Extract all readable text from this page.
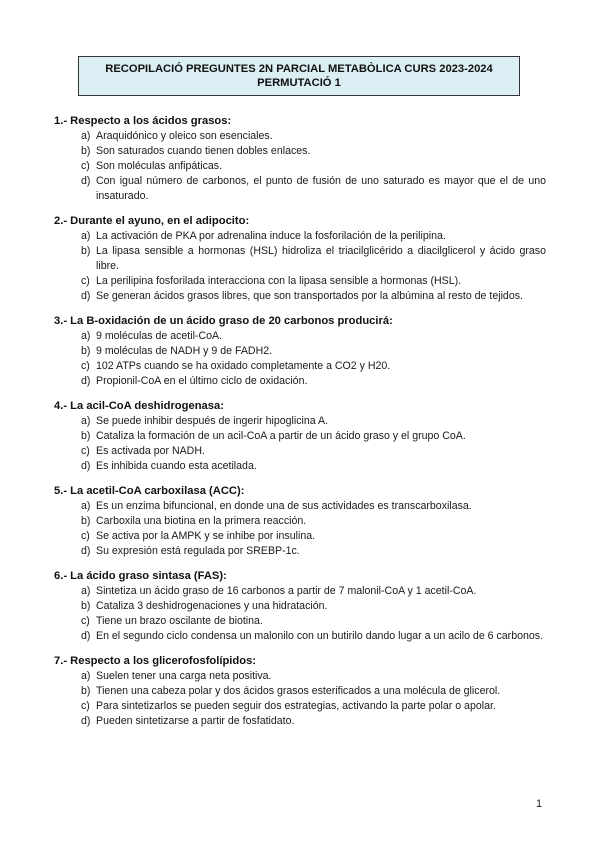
RECOPILACIÓ PREGUNTES 2N PARCIAL METABÒLICA CURS 2023-2024
PERMUTACIÓ 1
1.- Respecto a los ácidos grasos:
a) Araquidónico y oleico son esenciales.
b) Son saturados cuando tienen dobles enlaces.
c) Son moléculas anfipáticas.
d) Con igual número de carbonos, el punto de fusión de uno saturado es mayor que el de uno insaturado.
2.- Durante el ayuno, en el adipocito:
a) La activación de PKA por adrenalina induce la fosforilación de la perilipina.
b) La lipasa sensible a hormonas (HSL) hidroliza el triacilglicérido a diacilglicerol y ácido graso libre.
c) La perilipina fosforilada interacciona con la lipasa sensible a hormonas (HSL).
d) Se generan ácidos grasos libres, que son transportados por la albúmina al resto de tejidos.
3.- La B-oxidación de un ácido graso de 20 carbonos producirá:
a) 9 moléculas de acetil-CoA.
b) 9 moléculas de NADH y 9 de FADH2.
c) 102 ATPs cuando se ha oxidado completamente a CO2 y H20.
d) Propionil-CoA en el último ciclo de oxidación.
4.- La acil-CoA deshidrogenasa:
a) Se puede inhibir después de ingerir hipoglicina A.
b) Cataliza la formación de un acil-CoA a partir de un ácido graso y el grupo CoA.
c) Es activada por NADH.
d) Es inhibida cuando esta acetilada.
5.- La acetil-CoA carboxilasa (ACC):
a) Es un enzima bifuncional, en donde una de sus actividades es transcarboxilasa.
b) Carboxila una biotina en la primera reacción.
c) Se activa por la AMPK y se inhibe por insulina.
d) Su expresión está regulada por SREBP-1c.
6.- La ácido graso sintasa (FAS):
a) Sintetiza un ácido graso de 16 carbonos a partir de 7 malonil-CoA y 1 acetil-CoA.
b) Cataliza 3 deshidrogenaciones y una hidratación.
c) Tiene un brazo oscilante de biotina.
d) En el segundo ciclo condensa un malonilo con un butirilo dando lugar a un acilo de 6 carbonos.
7.- Respecto a los glicerofosfolípidos:
a) Suelen tener una carga neta positiva.
b) Tienen una cabeza polar y dos ácidos grasos esterificados a una molécula de glicerol.
c) Para sintetizarlos se pueden seguir dos estrategias, activando la parte polar o apolar.
d) Pueden sintetizarse a partir de fosfatidato.
1
